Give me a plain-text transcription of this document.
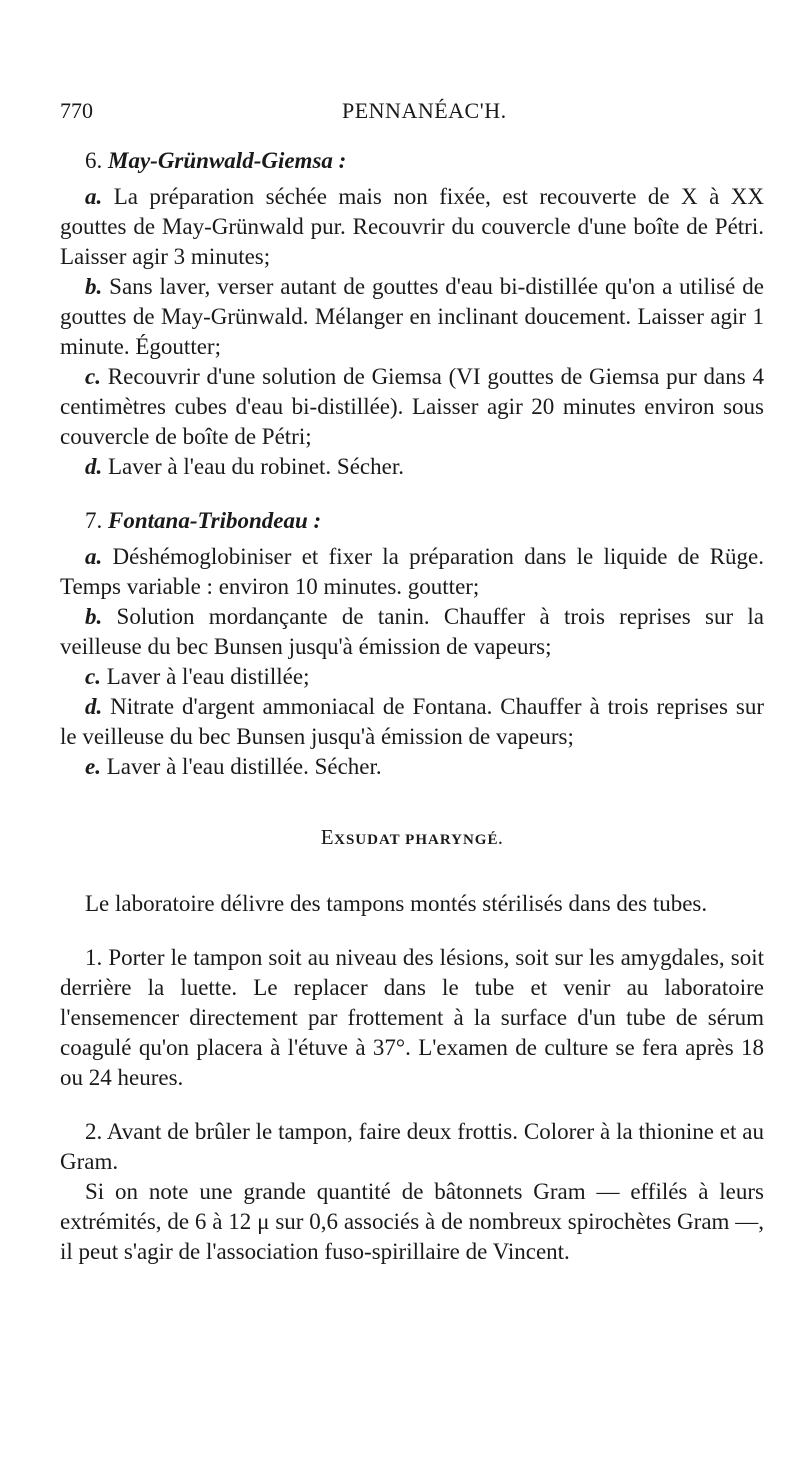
770	PENNANÉAC'H.
6. May-Grünwald-Giemsa :

a. La préparation séchée mais non fixée, est recouverte de X à XX gouttes de May-Grünwald pur. Recouvrir du couvercle d'une boîte de Pétri. Laisser agir 3 minutes;

b. Sans laver, verser autant de gouttes d'eau bi-distillée qu'on a utilisé de gouttes de May-Grünwald. Mélanger en inclinant doucement. Laisser agir 1 minute. Égoutter;

c. Recouvrir d'une solution de Giemsa (VI gouttes de Giemsa pur dans 4 centimètres cubes d'eau bi-distillée). Laisser agir 20 minutes environ sous couvercle de boîte de Pétri;

d. Laver à l'eau du robinet. Sécher.

7. Fontana-Tribondeau :

a. Déshémoglobiniser et fixer la préparation dans le liquide de Rüge. Temps variable : environ 10 minutes. goutter;

b. Solution mordançante de tanin. Chauffer à trois reprises sur la veilleuse du bec Bunsen jusqu'à émission de vapeurs;

c. Laver à l'eau distillée;

d. Nitrate d'argent ammoniacal de Fontana. Chauffer à trois reprises sur le veilleuse du bec Bunsen jusqu'à émission de vapeurs;

e. Laver à l'eau distillée. Sécher.

EXSUDAT PHARYNGÉ.

Le laboratoire délivre des tampons montés stérilisés dans des tubes.

1. Porter le tampon soit au niveau des lésions, soit sur les amygdales, soit derrière la luette. Le replacer dans le tube et venir au laboratoire l'ensemencer directement par frottement à la surface d'un tube de sérum coagulé qu'on placera à l'étuve à 37°. L'examen de culture se fera après 18 ou 24 heures.

2. Avant de brûler le tampon, faire deux frottis. Colorer à la thionine et au Gram.

Si on note une grande quantité de bâtonnets Gram — effilés à leurs extrémités, de 6 à 12 μ sur 0,6 associés à de nombreux spirochètes Gram —, il peut s'agir de l'association fuso-spirillaire de Vincent.
